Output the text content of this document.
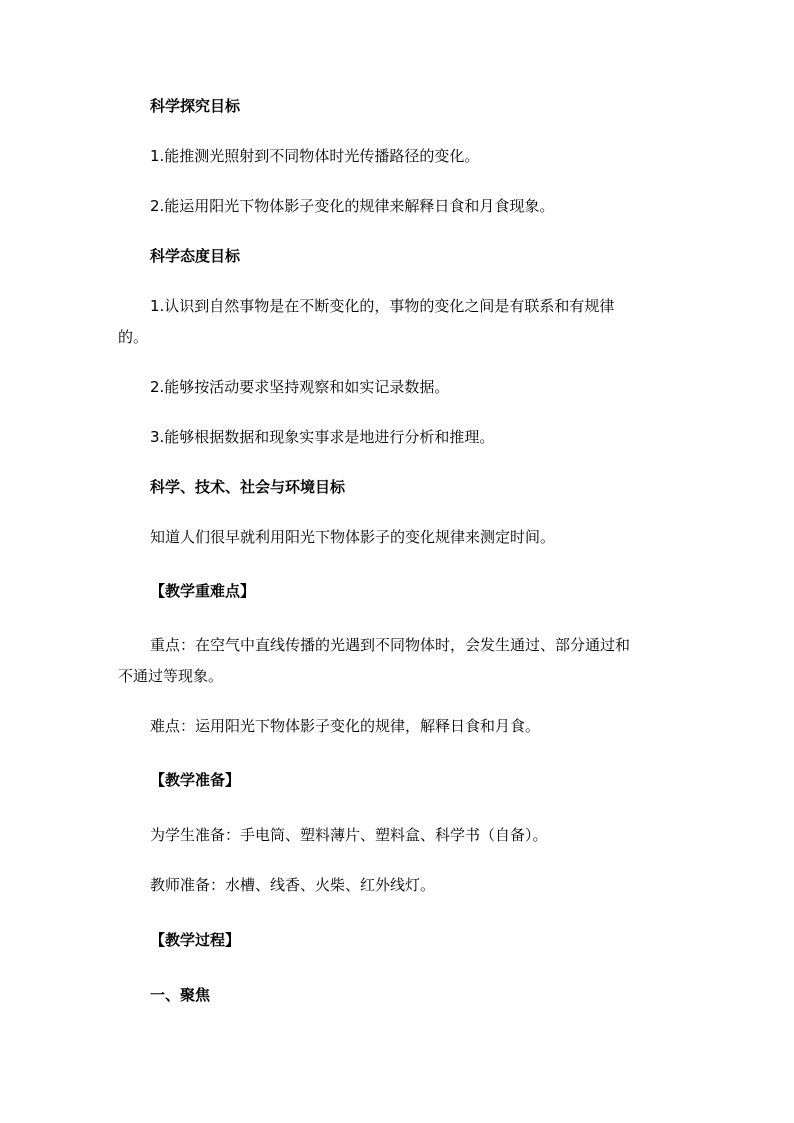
科学探究目标
1.能推测光照射到不同物体时光传播路径的变化。
2.能运用阳光下物体影子变化的规律来解释日食和月食现象。
科学态度目标
1.认识到自然事物是在不断变化的，事物的变化之间是有联系和有规律
的。
2.能够按活动要求坚持观察和如实记录数据。
3.能够根据数据和现象实事求是地进行分析和推理。
科学、技术、社会与环境目标
知道人们很早就利用阳光下物体影子的变化规律来测定时间。
【教学重难点】
重点：在空气中直线传播的光遇到不同物体时，会发生通过、部分通过和
不通过等现象。
难点：运用阳光下物体影子变化的规律，解释日食和月食。
【教学准备】
为学生准备：手电筒、塑料薄片、塑料盒、科学书（自备）。
教师准备：水槽、线香、火柴、红外线灯。
【教学过程】
一、聚焦
